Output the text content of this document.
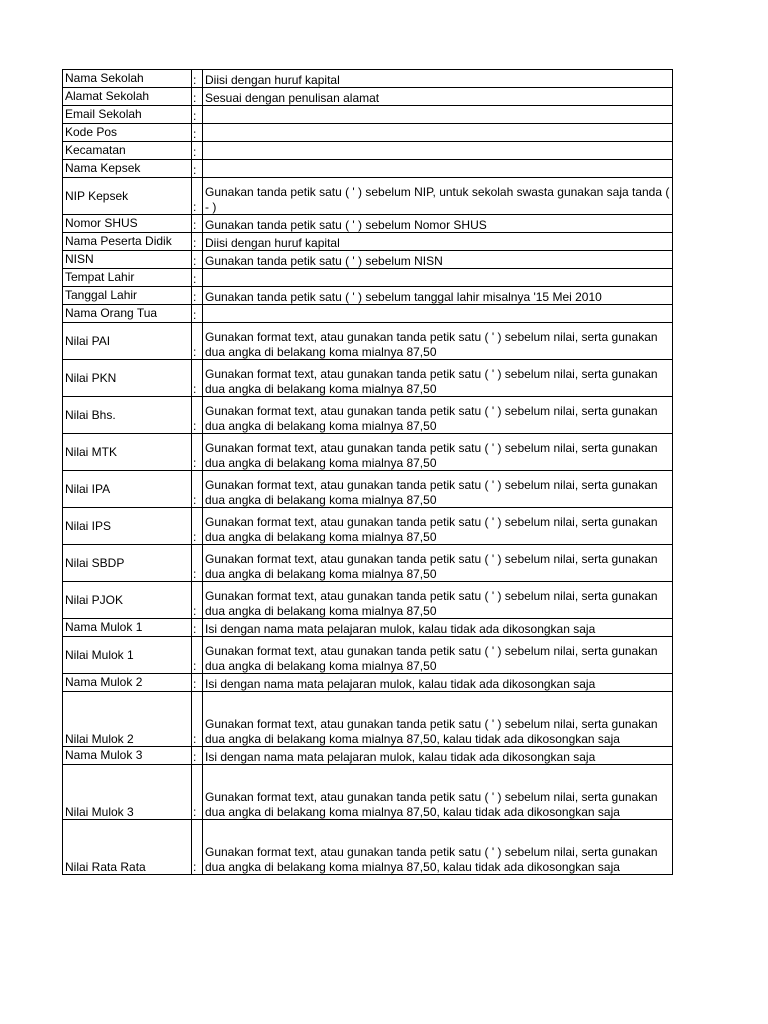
Nama Sekolah	:	Diisi dengan huruf kapital
Alamat Sekolah	:	Sesuai dengan penulisan alamat
Email Sekolah	:	
Kode Pos	:	
Kecamatan	:	
Nama Kepsek	:	
NIP Kepsek	:	Gunakan tanda petik satu ( ' ) sebelum NIP, untuk sekolah swasta gunakan saja tanda ( - )
Nomor SHUS	:	Gunakan tanda petik satu ( ' ) sebelum Nomor SHUS
Nama Peserta Didik	:	Diisi dengan huruf kapital
NISN	:	Gunakan tanda petik satu ( ' ) sebelum NISN
Tempat Lahir	:	
Tanggal Lahir	:	Gunakan tanda petik satu ( ' ) sebelum tanggal lahir misalnya '15 Mei 2010
Nama Orang Tua	:	
Nilai PAI	:	Gunakan format text, atau gunakan tanda petik satu ( ' ) sebelum nilai, serta gunakan dua angka di belakang koma mialnya 87,50
Nilai PKN	:	Gunakan format text, atau gunakan tanda petik satu ( ' ) sebelum nilai, serta gunakan dua angka di belakang koma mialnya 87,50
Nilai Bhs.	:	Gunakan format text, atau gunakan tanda petik satu ( ' ) sebelum nilai, serta gunakan dua angka di belakang koma mialnya 87,50
Nilai MTK	:	Gunakan format text, atau gunakan tanda petik satu ( ' ) sebelum nilai, serta gunakan dua angka di belakang koma mialnya 87,50
Nilai IPA	:	Gunakan format text, atau gunakan tanda petik satu ( ' ) sebelum nilai, serta gunakan dua angka di belakang koma mialnya 87,50
Nilai IPS	:	Gunakan format text, atau gunakan tanda petik satu ( ' ) sebelum nilai, serta gunakan dua angka di belakang koma mialnya 87,50
Nilai SBDP	:	Gunakan format text, atau gunakan tanda petik satu ( ' ) sebelum nilai, serta gunakan dua angka di belakang koma mialnya 87,50
Nilai PJOK	:	Gunakan format text, atau gunakan tanda petik satu ( ' ) sebelum nilai, serta gunakan dua angka di belakang koma mialnya 87,50
Nama Mulok 1	:	Isi dengan nama mata pelajaran mulok, kalau tidak ada dikosongkan saja
Nilai Mulok 1	:	Gunakan format text, atau gunakan tanda petik satu ( ' ) sebelum nilai, serta gunakan dua angka di belakang koma mialnya 87,50
Nama Mulok 2	:	Isi dengan nama mata pelajaran mulok, kalau tidak ada dikosongkan saja
Nilai Mulok 2	:	Gunakan format text, atau gunakan tanda petik satu ( ' ) sebelum nilai, serta gunakan dua angka di belakang koma mialnya 87,50, kalau tidak ada dikosongkan saja
Nama Mulok 3	:	Isi dengan nama mata pelajaran mulok, kalau tidak ada dikosongkan saja
Nilai Mulok 3	:	Gunakan format text, atau gunakan tanda petik satu ( ' ) sebelum nilai, serta gunakan dua angka di belakang koma mialnya 87,50, kalau tidak ada dikosongkan saja
Nilai Rata Rata	:	Gunakan format text, atau gunakan tanda petik satu ( ' ) sebelum nilai, serta gunakan dua angka di belakang koma mialnya 87,50, kalau tidak ada dikosongkan saja
